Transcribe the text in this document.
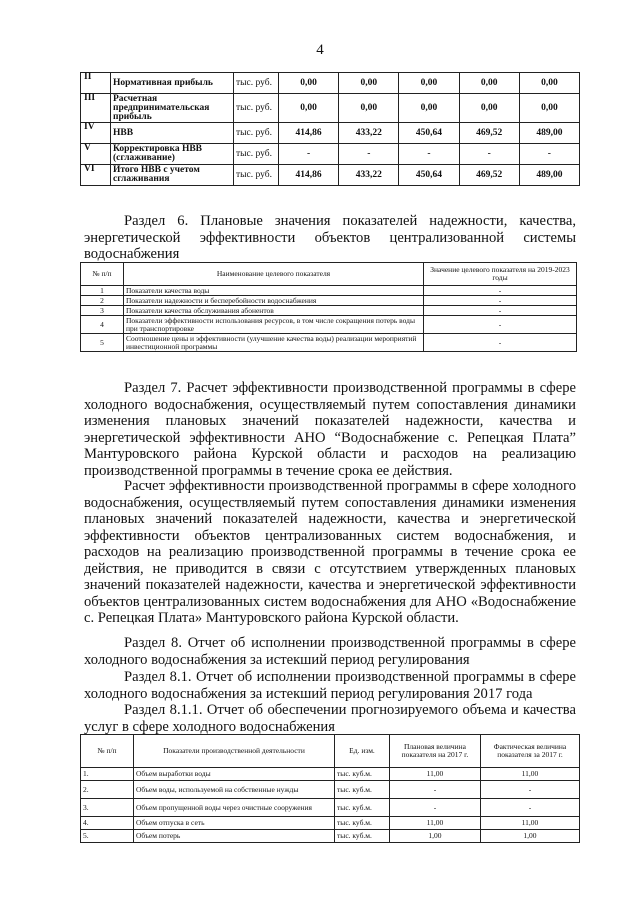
4
II	Нормативная прибыль	тыс. руб.	0,00	0,00	0,00	0,00	0,00
III	Расчетная предпринимательская прибыль	тыс. руб.	0,00	0,00	0,00	0,00	0,00
IV	НВВ	тыс. руб.	414,86	433,22	450,64	469,52	489,00
V	Корректировка НВВ (сглаживание)	тыс. руб.	-	-	-	-	-
VI	Итого НВВ с учетом сглаживания	тыс. руб.	414,86	433,22	450,64	469,52	489,00
Раздел 6. Плановые значения показателей надежности, качества, энергетической эффективности объектов централизованной системы водоснабжения
№ п/п	Наименование целевого показателя	Значение целевого показателя на 2019-2023 годы
1	Показатели качества воды	-
2	Показатели надежности и бесперебойности водоснабжения	-
3	Показатели качества обслуживания абонентов	-
4	Показатели эффективности использования ресурсов, в том числе сокращения потерь воды при транспортировке	-
5	Соотношение цены и эффективности (улучшение качества воды) реализации мероприятий инвестиционной программы	-
Раздел 7. Расчет эффективности производственной программы в сфере холодного водоснабжения, осуществляемый путем сопоставления динамики изменения плановых значений показателей надежности, качества и энергетической эффективности АНО “Водоснабжение с. Репецкая Плата” Мантуровского района Курской области и расходов на реализацию производственной программы в течение срока ее действия.
Расчет эффективности производственной программы в сфере холодного водоснабжения, осуществляемый путем сопоставления динамики изменения плановых значений показателей надежности, качества и энергетической эффективности объектов централизованных систем водоснабжения, и расходов на реализацию производственной программы в течение срока ее действия, не приводится в связи с отсутствием утвержденных плановых значений показателей надежности, качества и энергетической эффективности объектов централизованных систем водоснабжения для АНО «Водоснабжение с. Репецкая Плата» Мантуровского района Курской области.
Раздел 8. Отчет об исполнении производственной программы в сфере холодного водоснабжения за истекший период регулирования
Раздел 8.1. Отчет об исполнении производственной программы в сфере холодного водоснабжения за истекший период регулирования 2017 года
Раздел 8.1.1. Отчет об обеспечении прогнозируемого объема и качества услуг в сфере холодного водоснабжения
№ п/п	Показатели производственной деятельности	Ед. изм.	Плановая величина показателя на 2017 г.	Фактическая величина показателя за 2017 г.
1.	Объем выработки воды	тыс. куб.м.	11,00	11,00
2.	Объем воды, используемой на собственные нужды	тыс. куб.м.	-	-
3.	Объем пропущенной воды через очистные сооружения	тыс. куб.м.	-	-
4.	Объем отпуска в сеть	тыс. куб.м.	11,00	11,00
5.	Объем потерь	тыс. куб.м.	1,00	1,00
